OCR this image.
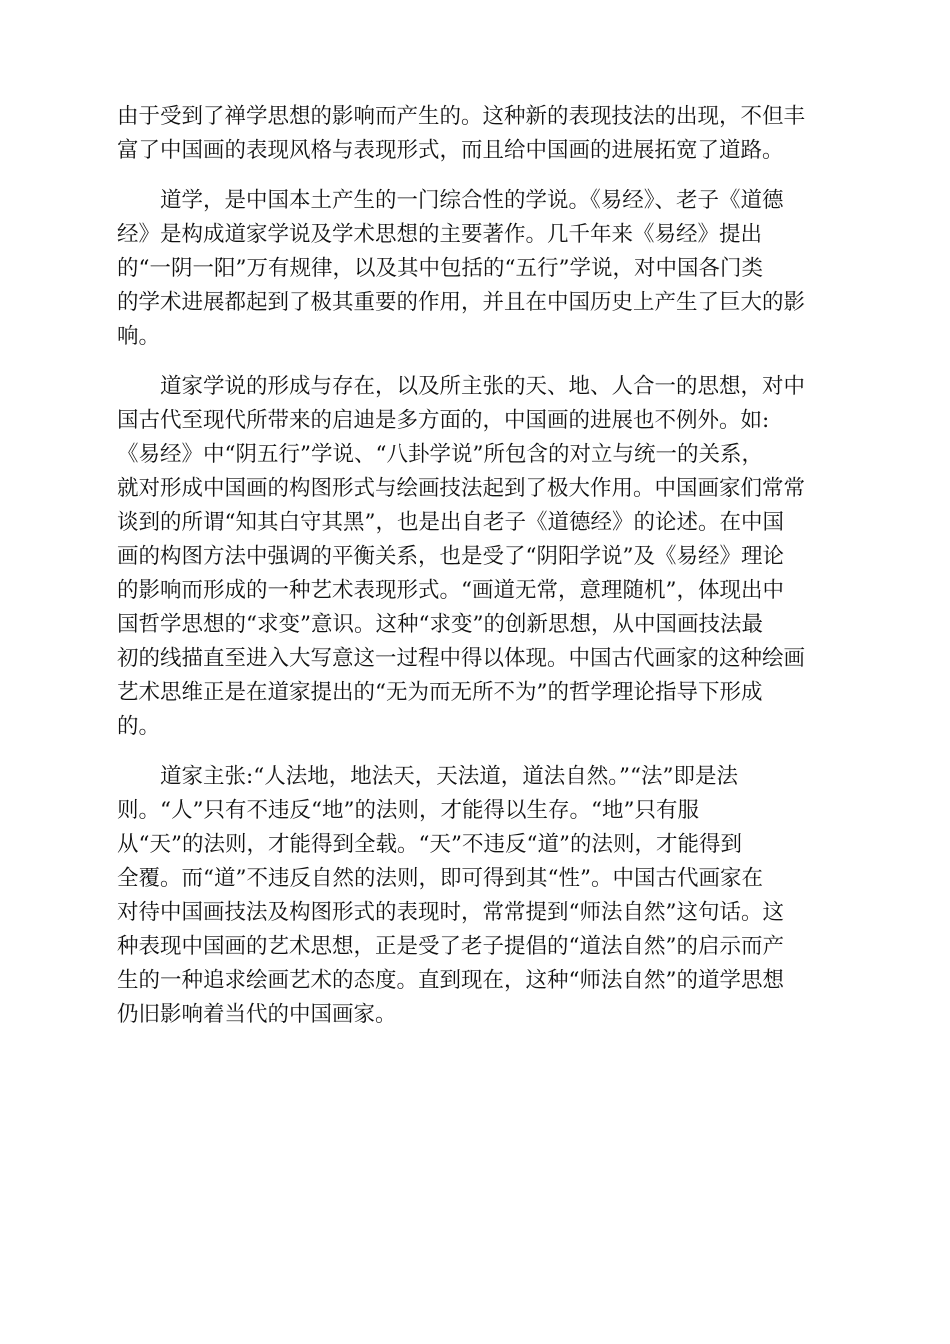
由于受到了禅学思想的影响而产生的。这种新的表现技法的出现，不但丰
富了中国画的表现风格与表现形式，而且给中国画的进展拓宽了道路。
道学，是中国本土产生的一门综合性的学说。《易经》、老子《道德
经》是构成道家学说及学术思想的主要著作。几千年来《易经》提出
的“一阴一阳”万有规律，以及其中包括的“五行”学说，对中国各门类
的学术进展都起到了极其重要的作用，并且在中国历史上产生了巨大的影
响。
道家学说的形成与存在，以及所主张的天、地、人合一的思想，对中
国古代至现代所带来的启迪是多方面的，中国画的进展也不例外。如:
《易经》中“阴五行”学说、“八卦学说”所包含的对立与统一的关系，
就对形成中国画的构图形式与绘画技法起到了极大作用。中国画家们常常
谈到的所谓“知其白守其黑”，也是出自老子《道德经》的论述。在中国
画的构图方法中强调的平衡关系，也是受了“阴阳学说”及《易经》理论
的影响而形成的一种艺术表现形式。“画道无常，意理随机”，体现出中
国哲学思想的“求变”意识。这种“求变”的创新思想，从中国画技法最
初的线描直至进入大写意这一过程中得以体现。中国古代画家的这种绘画
艺术思维正是在道家提出的“无为而无所不为”的哲学理论指导下形成
的。
道家主张:“人法地，地法天，天法道，道法自然。”“法”即是法
则。“人”只有不违反“地”的法则，才能得以生存。“地”只有服
从“天”的法则，才能得到全载。“天”不违反“道”的法则，才能得到
全覆。而“道”不违反自然的法则，即可得到其“性”。中国古代画家在
对待中国画技法及构图形式的表现时，常常提到“师法自然”这句话。这
种表现中国画的艺术思想，正是受了老子提倡的“道法自然”的启示而产
生的一种追求绘画艺术的态度。直到现在，这种“师法自然”的道学思想
仍旧影响着当代的中国画家。
